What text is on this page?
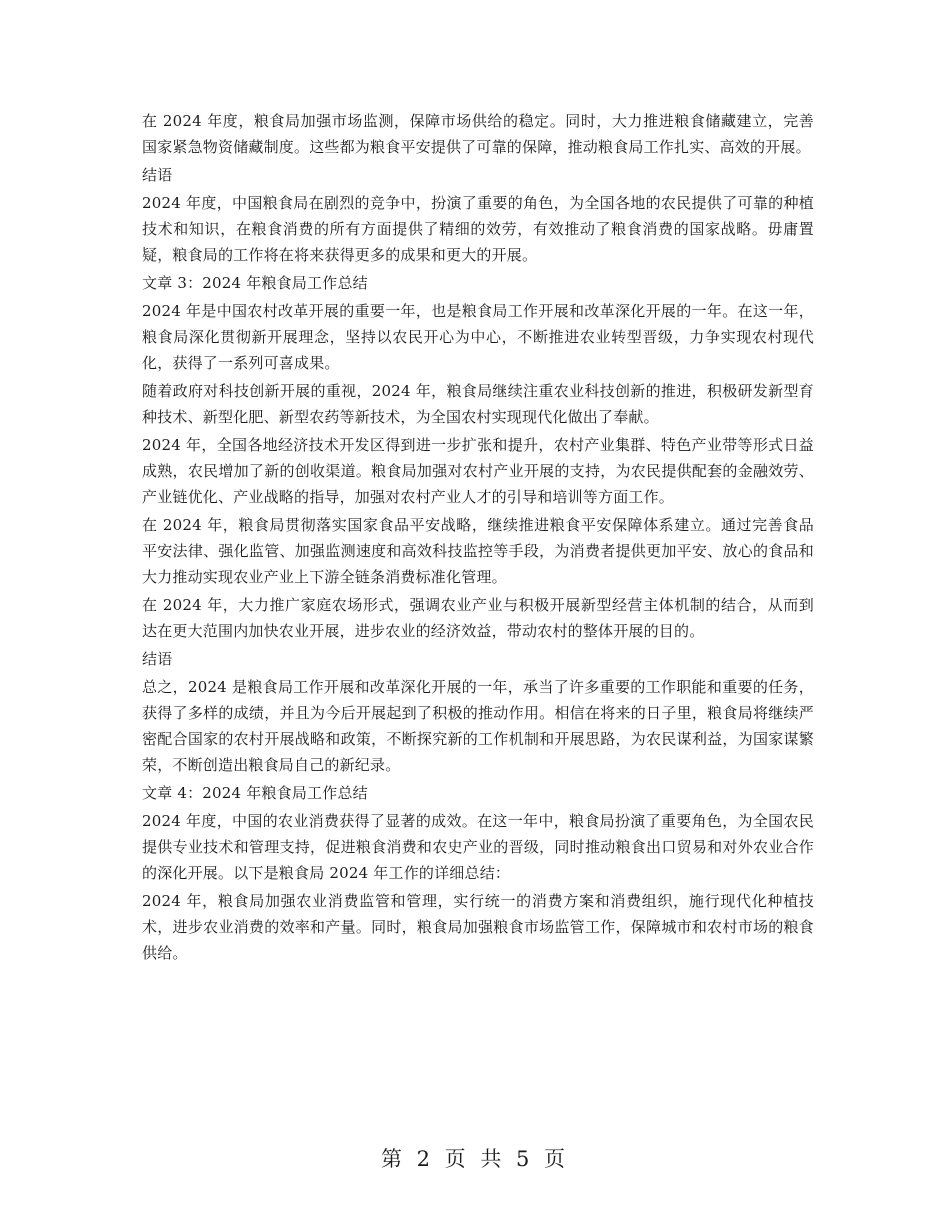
在 2024 年度，粮食局加强市场监测，保障市场供给的稳定。同时，大力推进粮食储藏建立，完善国家紧急物资储藏制度。这些都为粮食平安提供了可靠的保障，推动粮食局工作扎实、高效的开展。

结语

2024 年度，中国粮食局在剧烈的竞争中，扮演了重要的角色，为全国各地的农民提供了可靠的种植技术和知识，在粮食消费的所有方面提供了精细的效劳，有效推动了粮食消费的国家战略。毋庸置疑，粮食局的工作将在将来获得更多的成果和更大的开展。

文章 3：2024 年粮食局工作总结

2024 年是中国农村改革开展的重要一年，也是粮食局工作开展和改革深化开展的一年。在这一年，粮食局深化贯彻新开展理念，坚持以农民开心为中心，不断推进农业转型晋级，力争实现农村现代化，获得了一系列可喜成果。

随着政府对科技创新开展的重视，2024 年，粮食局继续注重农业科技创新的推进，积极研发新型育种技术、新型化肥、新型农药等新技术，为全国农村实现现代化做出了奉献。

2024 年，全国各地经济技术开发区得到进一步扩张和提升，农村产业集群、特色产业带等形式日益成熟，农民增加了新的创收渠道。粮食局加强对农村产业开展的支持，为农民提供配套的金融效劳、产业链优化、产业战略的指导，加强对农村产业人才的引导和培训等方面工作。

在 2024 年，粮食局贯彻落实国家食品平安战略，继续推进粮食平安保障体系建立。通过完善食品平安法律、强化监管、加强监测速度和高效科技监控等手段，为消费者提供更加平安、放心的食品和大力推动实现农业产业上下游全链条消费标准化管理。

在 2024 年，大力推广家庭农场形式，强调农业产业与积极开展新型经营主体机制的结合，从而到达在更大范围内加快农业开展，进步农业的经济效益，带动农村的整体开展的目的。

结语

总之，2024 是粮食局工作开展和改革深化开展的一年，承当了许多重要的工作职能和重要的任务，获得了多样的成绩，并且为今后开展起到了积极的推动作用。相信在将来的日子里，粮食局将继续严密配合国家的农村开展战略和政策，不断探究新的工作机制和开展思路，为农民谋利益，为国家谋繁荣，不断创造出粮食局自己的新纪录。

文章 4：2024 年粮食局工作总结

2024 年度，中国的农业消费获得了显著的成效。在这一年中，粮食局扮演了重要角色，为全国农民提供专业技术和管理支持，促进粮食消费和农史产业的晋级，同时推动粮食出口贸易和对外农业合作的深化开展。以下是粮食局 2024 年工作的详细总结：

2024 年，粮食局加强农业消费监管和管理，实行统一的消费方案和消费组织，施行现代化种植技术，进步农业消费的效率和产量。同时，粮食局加强粮食市场监管工作，保障城市和农村市场的粮食供给。

第 2 页 共 5 页
